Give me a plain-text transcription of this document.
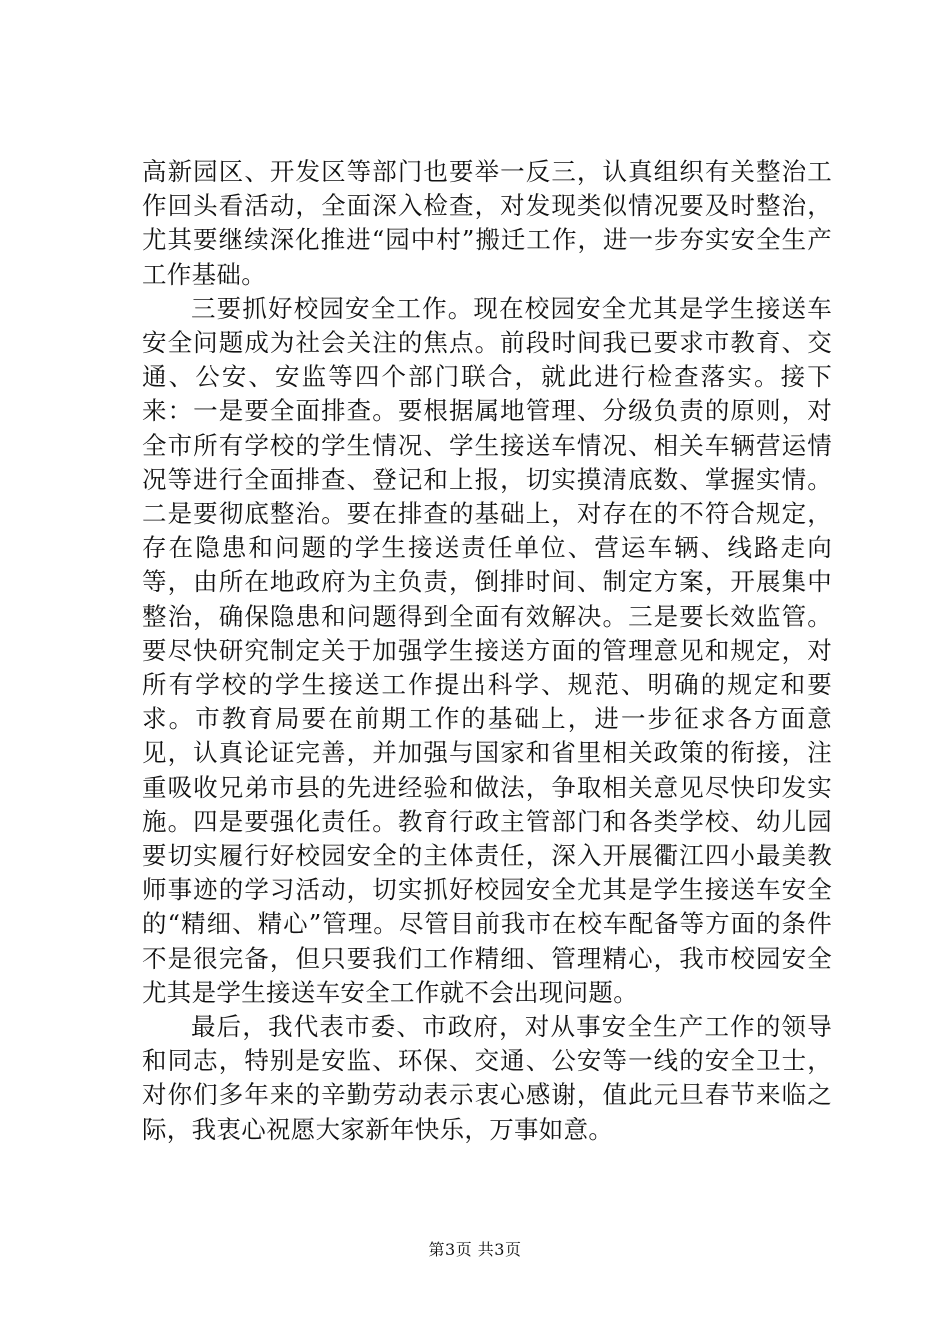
高新园区、开发区等部门也要举一反三，认真组织有关整治工作回头看活动，全面深入检查，对发现类似情况要及时整治，尤其要继续深化推进“园中村”搬迁工作，进一步夯实安全生产工作基础。

三要抓好校园安全工作。现在校园安全尤其是学生接送车安全问题成为社会关注的焦点。前段时间我已要求市教育、交通、公安、安监等四个部门联合，就此进行检查落实。接下来：一是要全面排查。要根据属地管理、分级负责的原则，对全市所有学校的学生情况、学生接送车情况、相关车辆营运情况等进行全面排查、登记和上报，切实摸清底数、掌握实情。二是要彻底整治。要在排查的基础上，对存在的不符合规定，存在隐患和问题的学生接送责任单位、营运车辆、线路走向等，由所在地政府为主负责，倒排时间、制定方案，开展集中整治，确保隐患和问题得到全面有效解决。三是要长效监管。要尽快研究制定关于加强学生接送方面的管理意见和规定，对所有学校的学生接送工作提出科学、规范、明确的规定和要求。市教育局要在前期工作的基础上，进一步征求各方面意见，认真论证完善，并加强与国家和省里相关政策的衔接，注重吸收兄弟市县的先进经验和做法，争取相关意见尽快印发实施。四是要强化责任。教育行政主管部门和各类学校、幼儿园要切实履行好校园安全的主体责任，深入开展衢江四小最美教师事迹的学习活动，切实抓好校园安全尤其是学生接送车安全的“精细、精心”管理。尽管目前我市在校车配备等方面的条件不是很完备，但只要我们工作精细、管理精心，我市校园安全尤其是学生接送车安全工作就不会出现问题。

最后，我代表市委、市政府，对从事安全生产工作的领导和同志，特别是安监、环保、交通、公安等一线的安全卫士，对你们多年来的辛勤劳动表示衷心感谢，值此元旦春节来临之际，我衷心祝愿大家新年快乐，万事如意。

第3页 共3页
